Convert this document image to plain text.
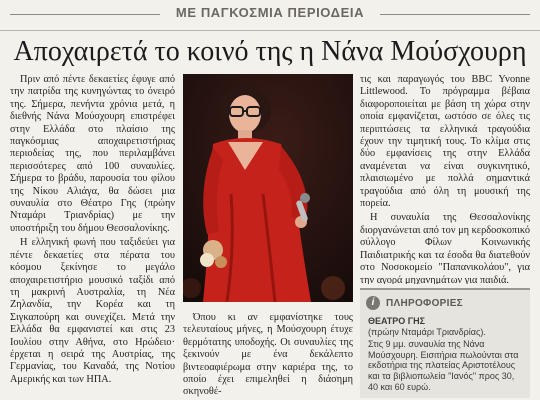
ΜΕ ΠΑΓΚΟΣΜΙΑ ΠΕΡΙΟΔΕΙΑ
Αποχαιρετά το κοινό της η Νάνα Μούσχουρη

Πριν από πέντε δεκαετίες έφυγε από την πατρίδα της κυνηγώντας το όνειρό της. Σήμερα, πενήντα χρόνια μετά, η διεθνής Νάνα Μούσχουρη επιστρέφει στην Ελλάδα στο πλαίσιο της παγκόσμιας αποχαιρετιστήριας περιοδείας της, που περιλαμβάνει περισσότερες από 100 συναυλίες. Σήμερα το βράδυ, παρουσία του φίλου της Νίκου Αλιάγα, θα δώσει μια συναυλία στο Θέατρο Γης (πρώην Νταμάρι Τριανδρίας) με την υποστήριξη του δήμου Θεσσαλονίκης.

Η ελληνική φωνή που ταξιδεύει για πέντε δεκαετίες στα πέρατα του κόσμου ξεκίνησε το μεγάλο αποχαιρετιστήριο μουσικό ταξίδι από τη μακρινή Αυστραλία, τη Νέα Ζηλανδία, την Κορέα και τη Σιγκαπούρη και συνεχίζει. Μετά την Ελλάδα θα εμφανιστεί και στις 23 Ιουλίου στην Αθήνα, στο Ηρώδειο· έρχεται η σειρά της Αυστρίας, της Γερμανίας, του Καναδά, της Νοτίου Αμερικής και των ΗΠΑ.

Όπου κι αν εμφανίστηκε τους τελευταίους μήνες, η Μούσχουρη έτυχε θερμότατης υποδοχής. Οι συναυλίες της ξεκινούν με ένα δεκάλεπτο βιντεοαφιέρωμα στην καριέρα της, το οποίο έχει επιμεληθεί η διάσημη σκηνοθέ-

τις και παραγωγός του BBC Yvonne Littlewood. Το πρόγραμμα βέβαια διαφοροποιείται με βάση τη χώρα στην οποία εμφανίζεται, ωστόσο σε όλες τις περιπτώσεις τα ελληνικά τραγούδια έχουν την τιμητική τους. Το κλίμα στις δύο εμφανίσεις της στην Ελλάδα αναμένεται να είναι συγκινητικό, πλαισιωμένο με πολλά σημαντικά τραγούδια από όλη τη μουσική της πορεία.

Η συναυλία της Θεσσαλονίκης διοργανώνεται από τον μη κερδοσκοπικό σύλλογο Φίλων Κοινωνικής Παιδιατρικής και τα έσοδα θα διατεθούν στο Νοσοκομείο "Παπανικολάου", για την αγορά μηχανημάτων για παιδιά.

i	ΠΛΗΡΟΦΟΡΙΕΣ
ΘΕΑΤΡΟ ΓΗΣ
(πρώην Νταμάρι Τριανδρίας).
Στις 9 μμ. συναυλία της Νάνα Μούσχουρη. Εισιτήρια πωλούνται στα εκδοτήρια της πλατείας Αριστοτέλους και τα βιβλιοπωλεία "Ιανός" προς 30, 40 και 60 ευρώ.
